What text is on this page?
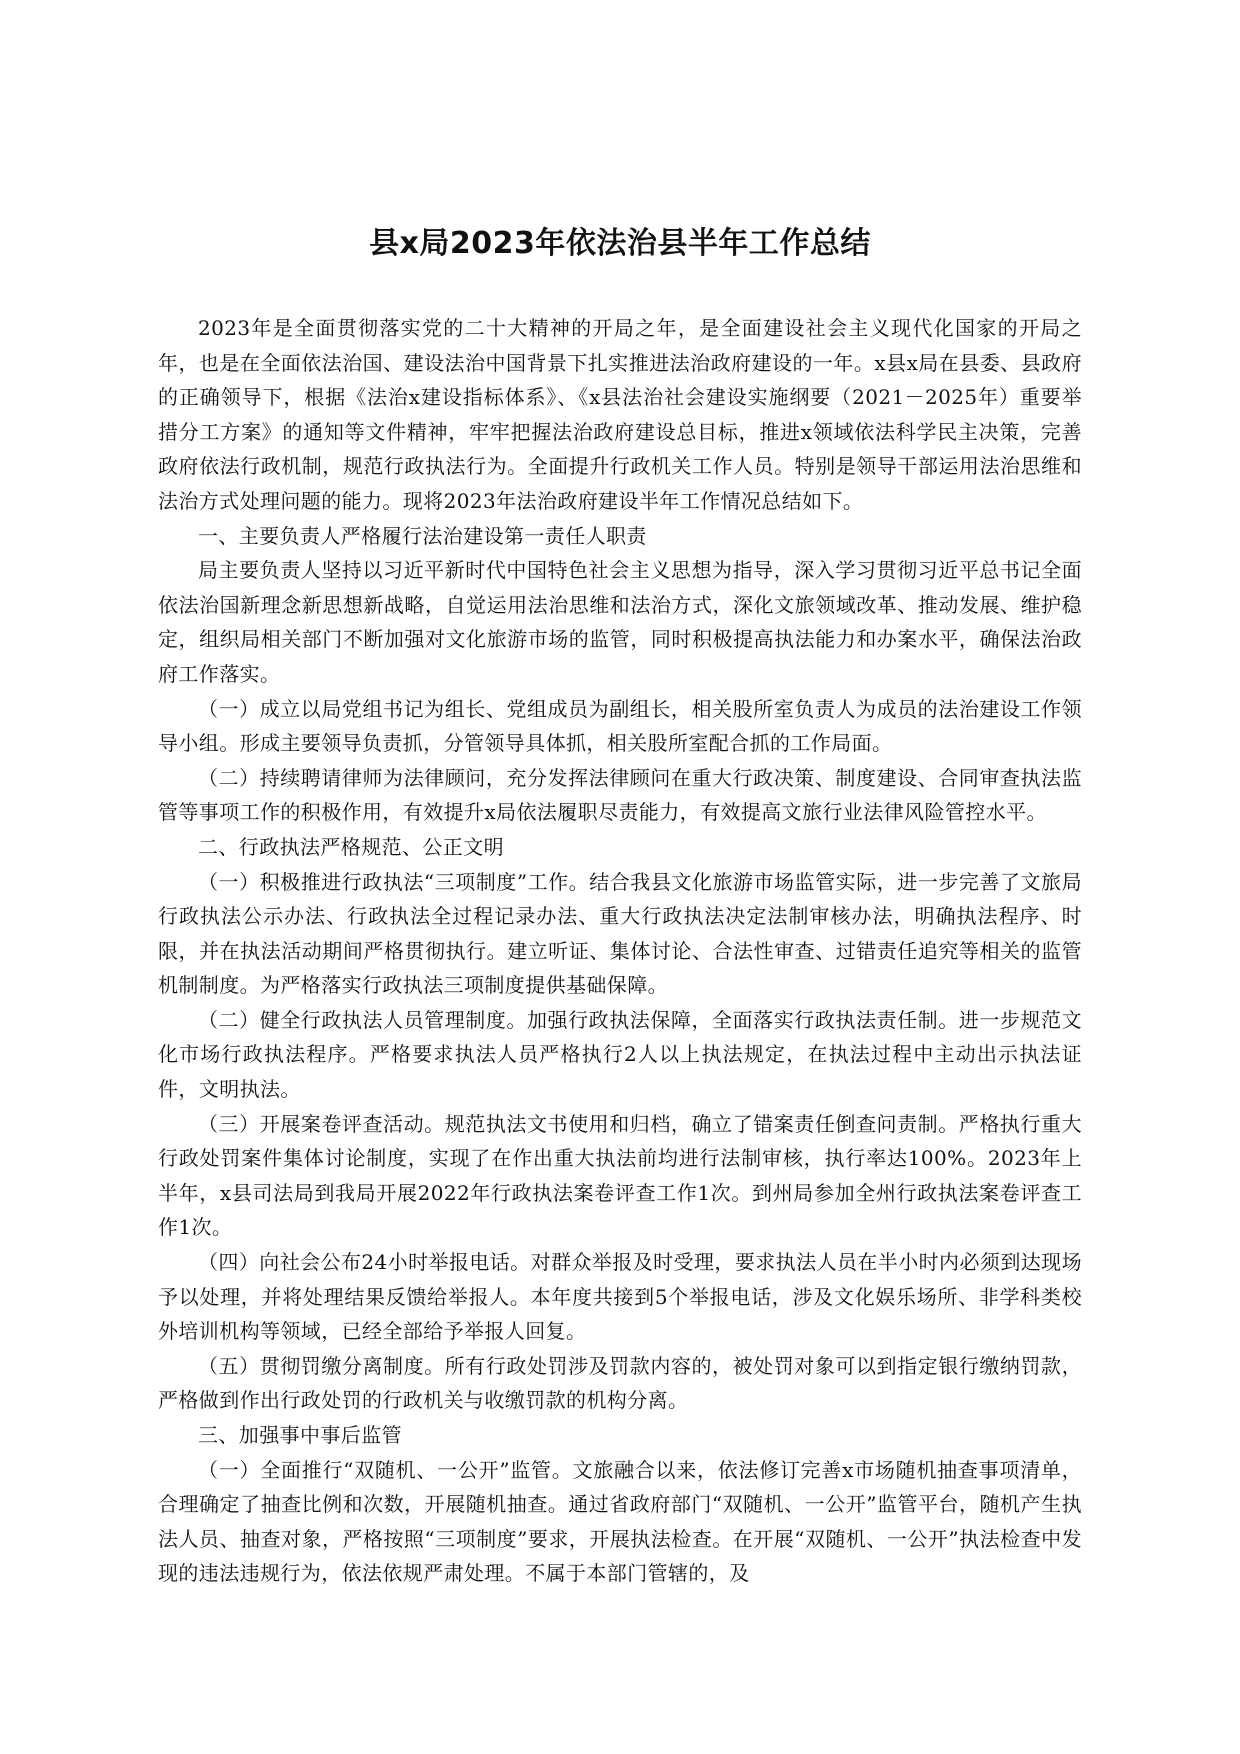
县x局2023年依法治县半年工作总结

2023年是全面贯彻落实党的二十大精神的开局之年，是全面建设社会主义现代化国家的开局之年，也是在全面依法治国、建设法治中国背景下扎实推进法治政府建设的一年。x县x局在县委、县政府的正确领导下，根据《法治x建设指标体系》、《x县法治社会建设实施纲要（2021－2025年）重要举措分工方案》的通知等文件精神，牢牢把握法治政府建设总目标，推进x领域依法科学民主决策，完善政府依法行政机制，规范行政执法行为。全面提升行政机关工作人员。特别是领导干部运用法治思维和法治方式处理问题的能力。现将2023年法治政府建设半年工作情况总结如下。

一、主要负责人严格履行法治建设第一责任人职责

局主要负责人坚持以习近平新时代中国特色社会主义思想为指导，深入学习贯彻习近平总书记全面依法治国新理念新思想新战略，自觉运用法治思维和法治方式，深化文旅领域改革、推动发展、维护稳定，组织局相关部门不断加强对文化旅游市场的监管，同时积极提高执法能力和办案水平，确保法治政府工作落实。

（一）成立以局党组书记为组长、党组成员为副组长，相关股所室负责人为成员的法治建设工作领导小组。形成主要领导负责抓，分管领导具体抓，相关股所室配合抓的工作局面。

（二）持续聘请律师为法律顾问，充分发挥法律顾问在重大行政决策、制度建设、合同审查执法监管等事项工作的积极作用，有效提升x局依法履职尽责能力，有效提高文旅行业法律风险管控水平。

二、行政执法严格规范、公正文明

（一）积极推进行政执法“三项制度”工作。结合我县文化旅游市场监管实际，进一步完善了文旅局行政执法公示办法、行政执法全过程记录办法、重大行政执法决定法制审核办法，明确执法程序、时限，并在执法活动期间严格贯彻执行。建立听证、集体讨论、合法性审查、过错责任追究等相关的监管机制制度。为严格落实行政执法三项制度提供基础保障。

（二）健全行政执法人员管理制度。加强行政执法保障，全面落实行政执法责任制。进一步规范文化市场行政执法程序。严格要求执法人员严格执行2人以上执法规定，在执法过程中主动出示执法证件，文明执法。

（三）开展案卷评查活动。规范执法文书使用和归档，确立了错案责任倒查问责制。严格执行重大行政处罚案件集体讨论制度，实现了在作出重大执法前均进行法制审核，执行率达100%。2023年上半年，x县司法局到我局开展2022年行政执法案卷评查工作1次。到州局参加全州行政执法案卷评查工作1次。

（四）向社会公布24小时举报电话。对群众举报及时受理，要求执法人员在半小时内必须到达现场予以处理，并将处理结果反馈给举报人。本年度共接到5个举报电话，涉及文化娱乐场所、非学科类校外培训机构等领域，已经全部给予举报人回复。

（五）贯彻罚缴分离制度。所有行政处罚涉及罚款内容的，被处罚对象可以到指定银行缴纳罚款，严格做到作出行政处罚的行政机关与收缴罚款的机构分离。

三、加强事中事后监管

（一）全面推行“双随机、一公开”监管。文旅融合以来，依法修订完善x市场随机抽查事项清单，合理确定了抽查比例和次数，开展随机抽查。通过省政府部门“双随机、一公开”监管平台，随机产生执法人员、抽查对象，严格按照“三项制度”要求，开展执法检查。在开展“双随机、一公开”执法检查中发现的违法违规行为，依法依规严肃处理。不属于本部门管辖的，及
